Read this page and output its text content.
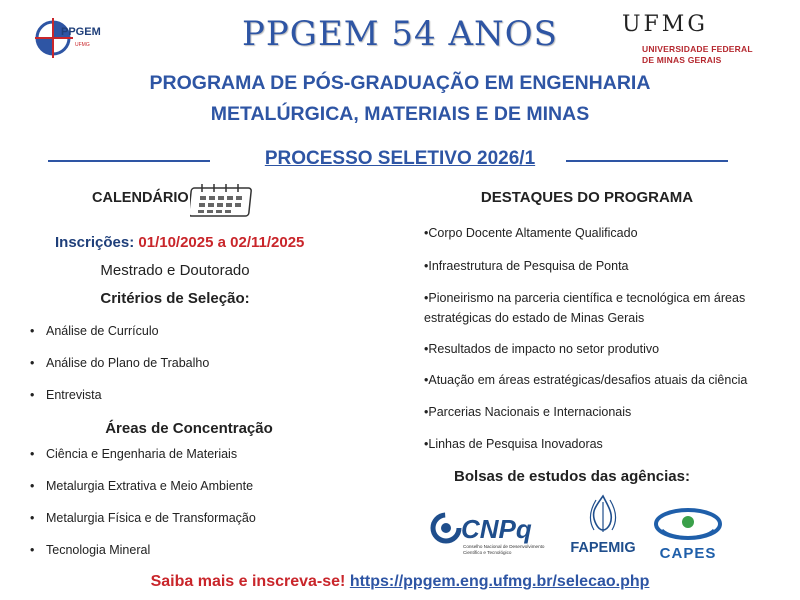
PPGEM
UFMG	PPGEM 54 ANOS	UFMG
UNIVERSIDADE FEDERAL
DE MINAS GERAIS
PROGRAMA DE PÓS-GRADUAÇÃO EM ENGENHARIA
METALÚRGICA, MATERIAIS E DE MINAS
PROCESSO SELETIVO 2026/1
CALENDÁRIO
Inscrições: 01/10/2025 a 02/11/2025
Mestrado e Doutorado
Critérios de Seleção:
Análise de Currículo
Análise do Plano de Trabalho
Entrevista
Áreas de Concentração
Ciência e Engenharia de Materiais
Metalurgia Extrativa e Meio Ambiente
Metalurgia Física e de Transformação
Tecnologia Mineral
DESTAQUES DO PROGRAMA
•Corpo Docente Altamente Qualificado
•Infraestrutura de Pesquisa de Ponta
•Pioneirismo na parceria científica e tecnológica em áreas estratégicas do estado de Minas Gerais
•Resultados de impacto no setor produtivo
•Atuação em áreas estratégicas/desafios atuais da ciência
•Parcerias Nacionais e Internacionais
•Linhas de Pesquisa Inovadoras
Bolsas de estudos das agências:
CNPq
Conselho Nacional de Desenvolvimento
Científico e Tecnológico	FAPEMIG CAPES
Saiba mais e inscreva-se! https://ppgem.eng.ufmg.br/selecao.php
